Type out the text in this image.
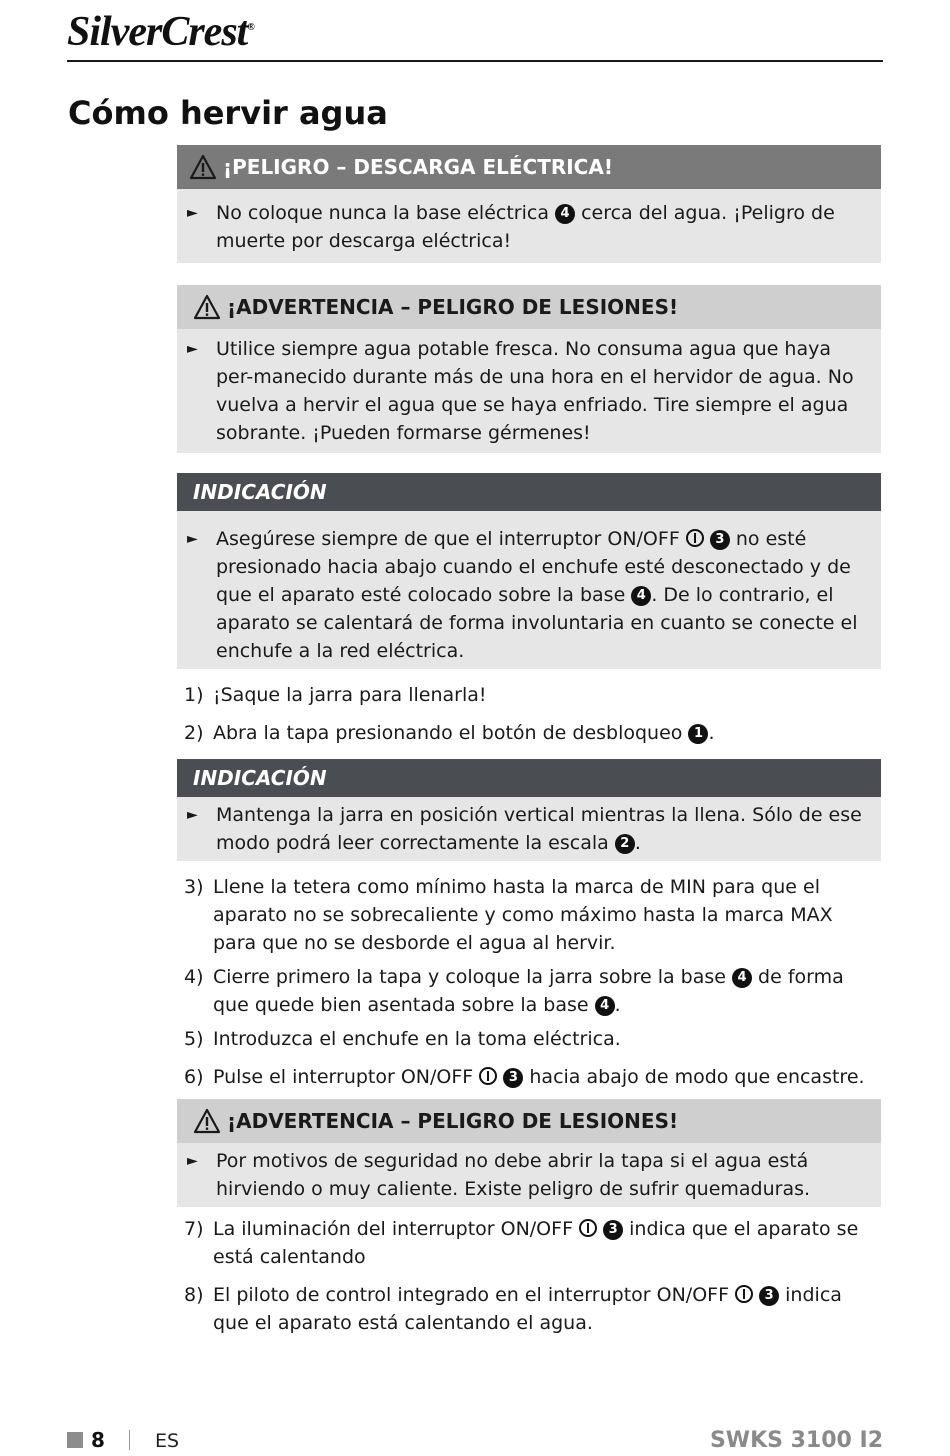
SilverCrest®
Cómo hervir agua
¡PELIGRO – DESCARGA ELÉCTRICA!
► No coloque nunca la base eléctrica 4 cerca del agua. ¡Peligro de muerte por descarga eléctrica!
¡ADVERTENCIA – PELIGRO DE LESIONES!
► Utilice siempre agua potable fresca. No consuma agua que haya per-manecido durante más de una hora en el hervidor de agua. No vuelva a hervir el agua que se haya enfriado. Tire siempre el agua sobrante. ¡Pueden formarse gérmenes!
INDICACIÓN
► Asegúrese siempre de que el interruptor ON/OFF	3 no esté presionado hacia abajo cuando el enchufe esté desconectado y de que el aparato esté colocado sobre la base 4 . De lo contrario, el aparato se calentará de forma involuntaria en cuanto se conecte el enchufe a la red eléctrica.
1) ¡Saque la jarra para llenarla!
2) Abra la tapa presionando el botón de desbloqueo 1 .
INDICACIÓN
► Mantenga la jarra en posición vertical mientras la llena. Sólo de ese modo podrá leer correctamente la escala 2 .
3) Llene la tetera como mínimo hasta la marca de MIN para que el aparato no se sobrecaliente y como máximo hasta la marca MAX para que no se desborde el agua al hervir.
4) Cierre primero la tapa y coloque la jarra sobre la base 4 de forma que quede bien asentada sobre la base 4 .
5) Introduzca el enchufe en la toma eléctrica.
6) Pulse el interruptor ON/OFF	3 hacia abajo de modo que encastre.
¡ADVERTENCIA – PELIGRO DE LESIONES!
► Por motivos de seguridad no debe abrir la tapa si el agua está hirviendo o muy caliente. Existe peligro de sufrir quemaduras.
7) La iluminación del interruptor ON/OFF	3 indica que el aparato se está calentando
8) El piloto de control integrado en el interruptor ON/OFF	3 indica que el aparato está calentando el agua.
8	ES	SWKS 3100 I2
